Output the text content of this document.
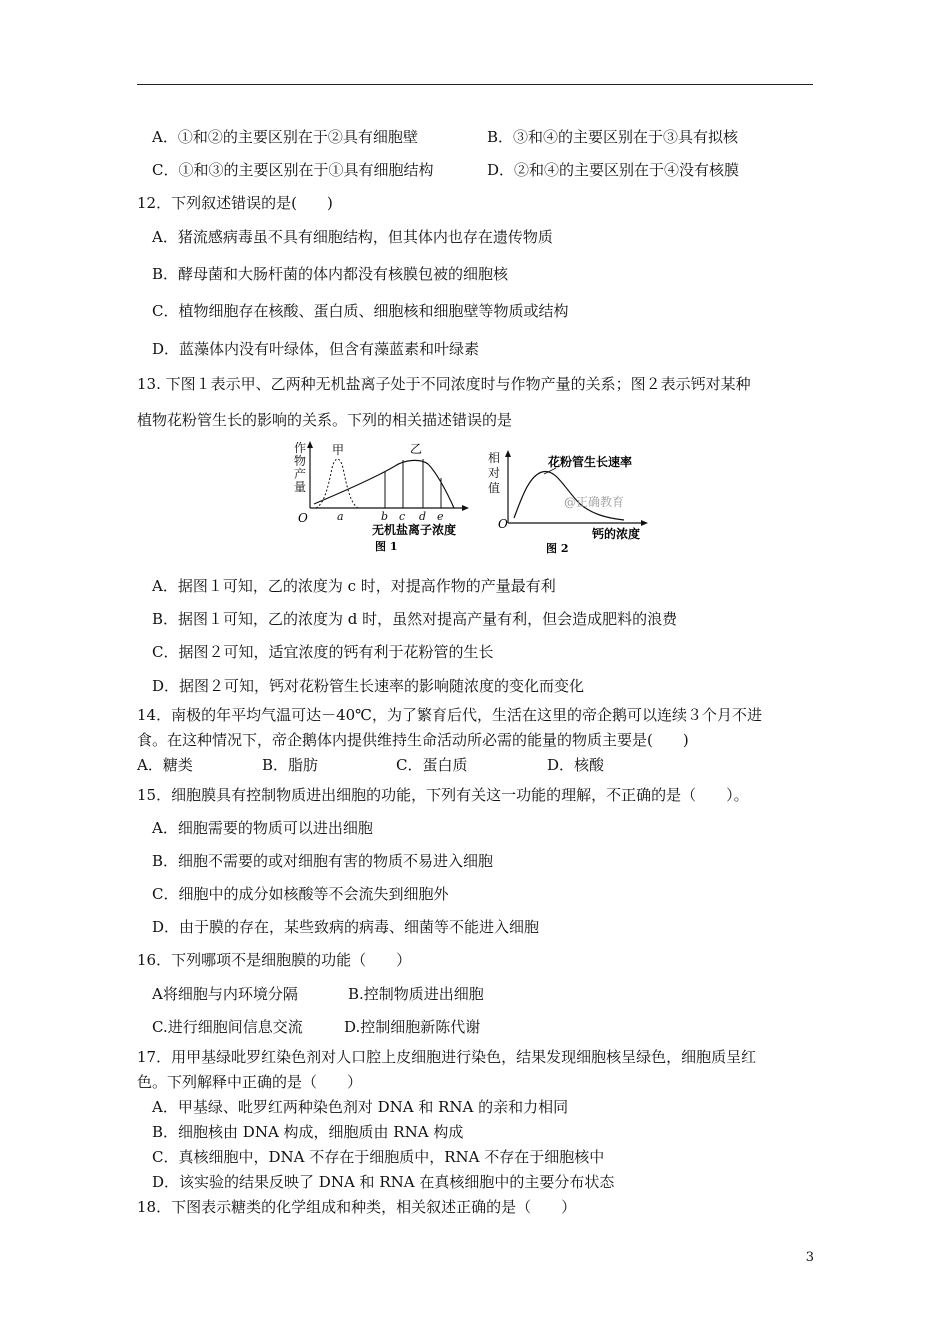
A．①和②的主要区别在于②具有细胞壁	B．③和④的主要区别在于③具有拟核
C．①和③的主要区别在于①具有细胞结构	D．②和④的主要区别在于④没有核膜
12．下列叙述错误的是(　　)
A．猪流感病毒虽不具有细胞结构，但其体内也存在遗传物质
B．酵母菌和大肠杆菌的体内都没有核膜包被的细胞核
C．植物细胞存在核酸、蛋白质、细胞核和细胞壁等物质或结构
D．蓝藻体内没有叶绿体，但含有藻蓝素和叶绿素
13. 下图１表示甲、乙两种无机盐离子处于不同浓度时与作物产量的关系；图２表示钙对某种
植物花粉管生长的影响的关系。下列的相关描述错误的是
作
物
产
量
O
甲	乙
a	b c d e
无机盐离子浓度
图 1
相
对
值
O
花粉管生长速率
@正确教育
钙的浓度
图 2
A．据图１可知，乙的浓度为 c 时，对提高作物的产量最有利
B．据图１可知，乙的浓度为 d 时，虽然对提高产量有利，但会造成肥料的浪费
C．据图２可知，适宜浓度的钙有利于花粉管的生长
D．据图２可知，钙对花粉管生长速率的影响随浓度的变化而变化
14．南极的年平均气温可达－40℃，为了繁育后代，生活在这里的帝企鹅可以连续３个月不进
食。在这种情况下，帝企鹅体内提供维持生命活动所必需的能量的物质主要是(　　)
A．糖类	B．脂肪	C．蛋白质	D．核酸
15．细胞膜具有控制物质进出细胞的功能，下列有关这一功能的理解，不正确的是（　　）。
A．细胞需要的物质可以进出细胞
B．细胞不需要的或对细胞有害的物质不易进入细胞
C．细胞中的成分如核酸等不会流失到细胞外
D．由于膜的存在，某些致病的病毒、细菌等不能进入细胞
16．下列哪项不是细胞膜的功能（　　）
A将细胞与内环境分隔	B.控制物质进出细胞
C.进行细胞间信息交流	D.控制细胞新陈代谢
17．用甲基绿吡罗红染色剂对人口腔上皮细胞进行染色，结果发现细胞核呈绿色，细胞质呈红
色。下列解释中正确的是（　　）
A．甲基绿、吡罗红两种染色剂对 DNA 和 RNA 的亲和力相同
B．细胞核由 DNA 构成，细胞质由 RNA 构成
C．真核细胞中，DNA 不存在于细胞质中，RNA 不存在于细胞核中
D．该实验的结果反映了 DNA 和 RNA 在真核细胞中的主要分布状态
18．下图表示糖类的化学组成和种类，相关叙述正确的是（　　）
3
